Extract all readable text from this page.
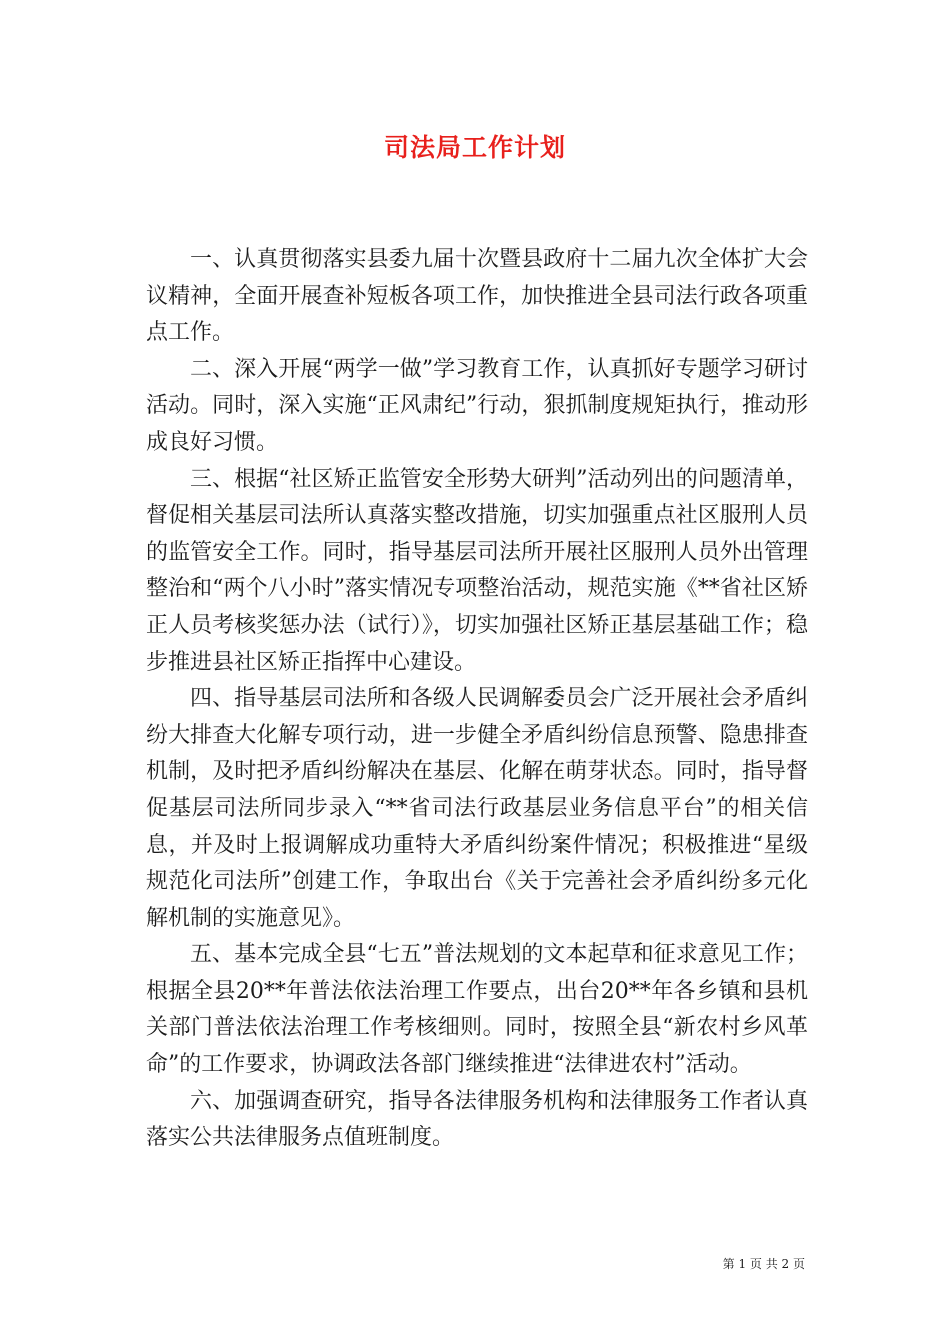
司法局工作计划

一、认真贯彻落实县委九届十次暨县政府十二届九次全体扩大会议精神，全面开展查补短板各项工作，加快推进全县司法行政各项重点工作。

二、深入开展“两学一做”学习教育工作，认真抓好专题学习研讨活动。同时，深入实施“正风肃纪”行动，狠抓制度规矩执行，推动形成良好习惯。

三、根据“社区矫正监管安全形势大研判”活动列出的问题清单，督促相关基层司法所认真落实整改措施，切实加强重点社区服刑人员的监管安全工作。同时，指导基层司法所开展社区服刑人员外出管理整治和“两个八小时”落实情况专项整治活动，规范实施《**省社区矫正人员考核奖惩办法（试行）》，切实加强社区矫正基层基础工作；稳步推进县社区矫正指挥中心建设。

四、指导基层司法所和各级人民调解委员会广泛开展社会矛盾纠纷大排查大化解专项行动，进一步健全矛盾纠纷信息预警、隐患排查机制，及时把矛盾纠纷解决在基层、化解在萌芽状态。同时，指导督促基层司法所同步录入“**省司法行政基层业务信息平台”的相关信息，并及时上报调解成功重特大矛盾纠纷案件情况；积极推进“星级规范化司法所”创建工作，争取出台《关于完善社会矛盾纠纷多元化解机制的实施意见》。

五、基本完成全县“七五”普法规划的文本起草和征求意见工作；根据全县20**年普法依法治理工作要点，出台20**年各乡镇和县机关部门普法依法治理工作考核细则。同时，按照全县“新农村乡风革命”的工作要求，协调政法各部门继续推进“法律进农村”活动。

六、加强调查研究，指导各法律服务机构和法律服务工作者认真落实公共法律服务点值班制度。

第 1 页 共 2 页
